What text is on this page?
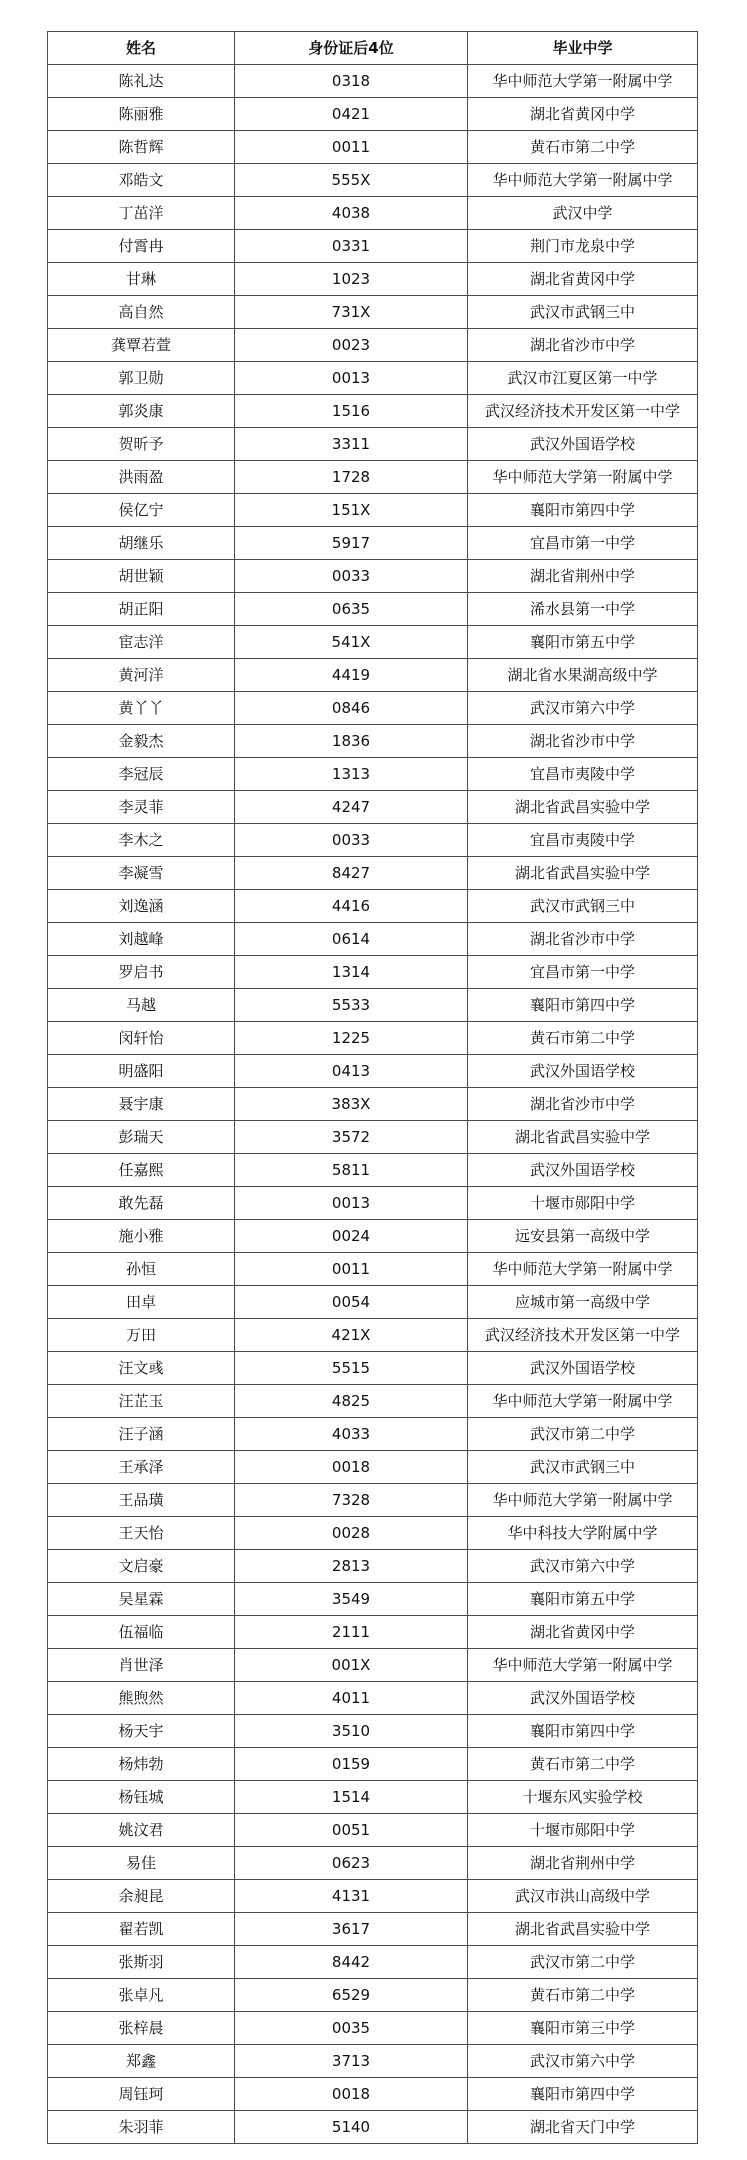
姓名	身份证后4位	毕业中学
陈礼达	0318	华中师范大学第一附属中学
陈丽雅	0421	湖北省黄冈中学
陈哲辉	0011	黄石市第二中学
邓皓文	555X	华中师范大学第一附属中学
丁茁洋	4038	武汉中学
付霄冉	0331	荆门市龙泉中学
甘琳	1023	湖北省黄冈中学
高自然	731X	武汉市武钢三中
龚覃若萱	0023	湖北省沙市中学
郭卫勋	0013	武汉市江夏区第一中学
郭炎康	1516	武汉经济技术开发区第一中学
贺昕予	3311	武汉外国语学校
洪雨盈	1728	华中师范大学第一附属中学
侯亿宁	151X	襄阳市第四中学
胡继乐	5917	宜昌市第一中学
胡世颖	0033	湖北省荆州中学
胡正阳	0635	浠水县第一中学
宦志洋	541X	襄阳市第五中学
黄河洋	4419	湖北省水果湖高级中学
黄丫丫	0846	武汉市第六中学
金毅杰	1836	湖北省沙市中学
李冠辰	1313	宜昌市夷陵中学
李灵菲	4247	湖北省武昌实验中学
李木之	0033	宜昌市夷陵中学
李凝雪	8427	湖北省武昌实验中学
刘逸涵	4416	武汉市武钢三中
刘越峰	0614	湖北省沙市中学
罗启书	1314	宜昌市第一中学
马越	5533	襄阳市第四中学
闵轩怡	1225	黄石市第二中学
明盛阳	0413	武汉外国语学校
聂宇康	383X	湖北省沙市中学
彭瑞天	3572	湖北省武昌实验中学
任嘉熙	5811	武汉外国语学校
敢先磊	0013	十堰市郧阳中学
施小雅	0024	远安县第一高级中学
孙恒	0011	华中师范大学第一附属中学
田卓	0054	应城市第一高级中学
万田	421X	武汉经济技术开发区第一中学
汪文彧	5515	武汉外国语学校
汪芷玉	4825	华中师范大学第一附属中学
汪子涵	4033	武汉市第二中学
王承泽	0018	武汉市武钢三中
王品璜	7328	华中师范大学第一附属中学
王天怡	0028	华中科技大学附属中学
文启豪	2813	武汉市第六中学
吴星霖	3549	襄阳市第五中学
伍福临	2111	湖北省黄冈中学
肖世泽	001X	华中师范大学第一附属中学
熊煦然	4011	武汉外国语学校
杨天宇	3510	襄阳市第四中学
杨炜勃	0159	黄石市第二中学
杨钰城	1514	十堰东风实验学校
姚汶君	0051	十堰市郧阳中学
易佳	0623	湖北省荆州中学
余昶昆	4131	武汉市洪山高级中学
翟若凯	3617	湖北省武昌实验中学
张斯羽	8442	武汉市第二中学
张卓凡	6529	黄石市第二中学
张梓晨	0035	襄阳市第三中学
郑鑫	3713	武汉市第六中学
周钰珂	0018	襄阳市第四中学
朱羽菲	5140	湖北省天门中学
